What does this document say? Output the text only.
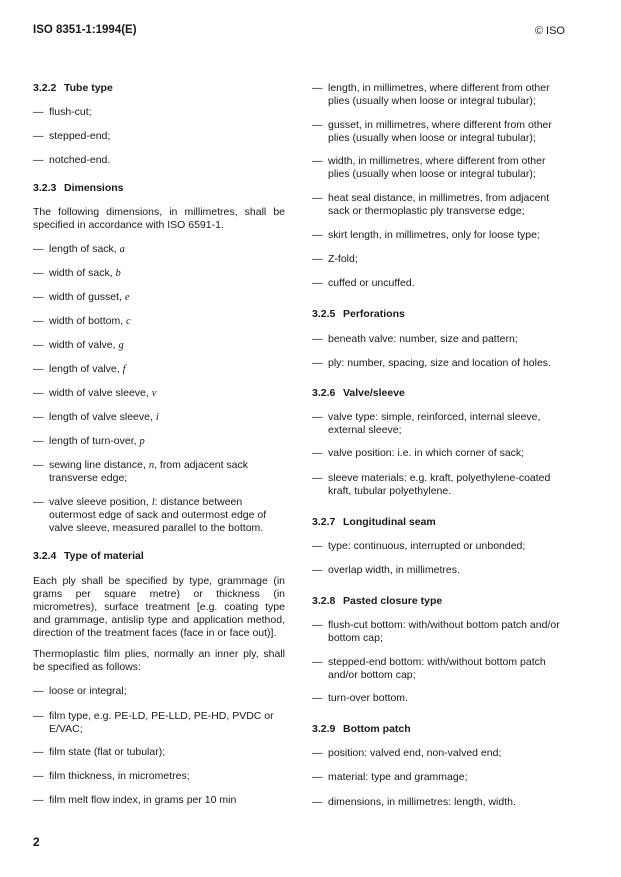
ISO 8351-1:1994(E)	© ISO
3.2.2 Tube type
— flush-cut;
— stepped-end;
— notched-end.
3.2.3 Dimensions
The following dimensions, in millimetres, shall be specified in accordance with ISO 6591-1.
— length of sack, a
— width of sack, b
— width of gusset, e
— width of bottom, c
— width of valve, g
— length of valve, f
— width of valve sleeve, v
— length of valve sleeve, i
— length of turn-over, p
— sewing line distance, n, from adjacent sack transverse edge;
— valve sleeve position, l: distance between outermost edge of sack and outermost edge of valve sleeve, measured parallel to the bottom.
3.2.4 Type of material
Each ply shall be specified by type, grammage (in grams per square metre) or thickness (in micrometres), surface treatment [e.g. coating type and grammage, antislip type and application method, direction of the treatment faces (face in or face out)].
Thermoplastic film plies, normally an inner ply, shall be specified as follows:
— loose or integral;
— film type, e.g. PE-LD, PE-LLD, PE-HD, PVDC or E/VAC;
— film state (flat or tubular);
— film thickness, in micrometres;
— film melt flow index, in grams per 10 min
— length, in millimetres, where different from other plies (usually when loose or integral tubular);
— gusset, in millimetres, where different from other plies (usually when loose or integral tubular);
— width, in millimetres, where different from other plies (usually when loose or integral tubular);
— heat seal distance, in millimetres, from adjacent sack or thermoplastic ply transverse edge;
— skirt length, in millimetres, only for loose type;
— Z-fold;
— cuffed or uncuffed.
3.2.5 Perforations
— beneath valve: number, size and pattern;
— ply: number, spacing, size and location of holes.
3.2.6 Valve/sleeve
— valve type: simple, reinforced, internal sleeve, external sleeve;
— valve position: i.e. in which corner of sack;
— sleeve materials: e.g. kraft, polyethylene-coated kraft, tubular polyethylene.
3.2.7 Longitudinal seam
— type: continuous, interrupted or unbonded;
— overlap width, in millimetres.
3.2.8 Pasted closure type
— flush-cut bottom: with/without bottom patch and/or bottom cap;
— stepped-end bottom: with/without bottom patch and/or bottom cap;
— turn-over bottom.
3.2.9 Bottom patch
— position: valved end, non-valved end;
— material: type and grammage;
— dimensions, in millimetres: length, width.
2
